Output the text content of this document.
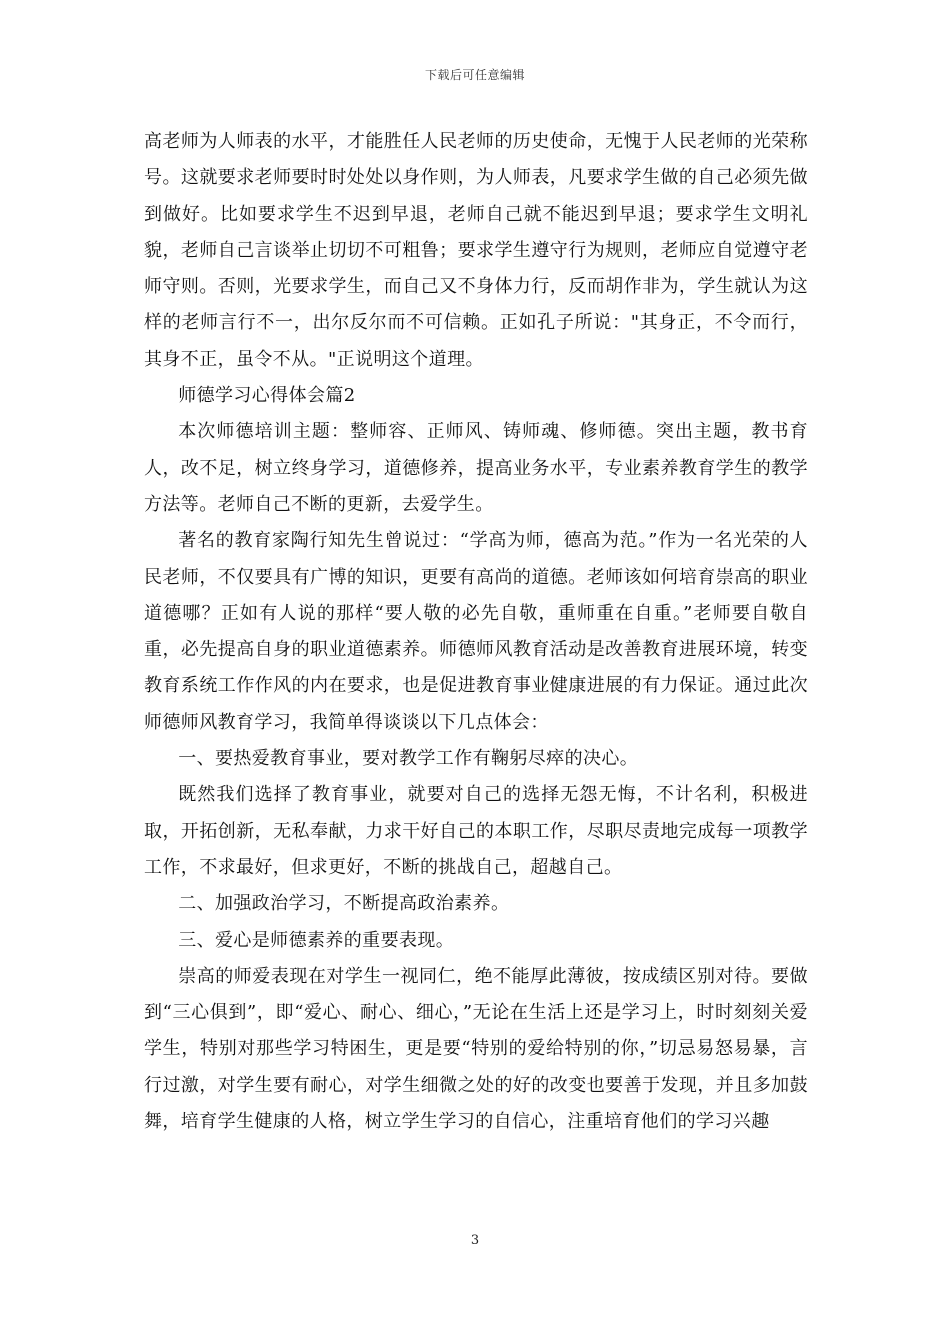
下载后可任意编辑

高老师为人师表的水平，才能胜任人民老师的历史使命，无愧于人民老师的光荣称号。这就要求老师要时时处处以身作则，为人师表，凡要求学生做的自己必须先做到做好。比如要求学生不迟到早退，老师自己就不能迟到早退；要求学生文明礼貌，老师自己言谈举止切切不可粗鲁；要求学生遵守行为规则，老师应自觉遵守老师守则。否则，光要求学生，而自己又不身体力行，反而胡作非为，学生就认为这样的老师言行不一，出尔反尔而不可信赖。正如孔子所说："其身正，不令而行，其身不正，虽令不从。"正说明这个道理。

师德学习心得体会篇2

本次师德培训主题：整师容、正师风、铸师魂、修师德。突出主题，教书育人，改不足，树立终身学习，道德修养，提高业务水平，专业素养教育学生的教学方法等。老师自己不断的更新，去爱学生。

著名的教育家陶行知先生曾说过：“学高为师，德高为范。”作为一名光荣的人民老师，不仅要具有广博的知识，更要有高尚的道德。老师该如何培育崇高的职业道德哪？正如有人说的那样“要人敬的必先自敬，重师重在自重。”老师要自敬自重，必先提高自身的职业道德素养。师德师风教育活动是改善教育进展环境，转变教育系统工作作风的内在要求，也是促进教育事业健康进展的有力保证。通过此次师德师风教育学习，我简单得谈谈以下几点体会：

一、要热爱教育事业，要对教学工作有鞠躬尽瘁的决心。

既然我们选择了教育事业，就要对自己的选择无怨无悔，不计名利，积极进取，开拓创新，无私奉献，力求干好自己的本职工作，尽职尽责地完成每一项教学工作，不求最好，但求更好，不断的挑战自己，超越自己。

二、加强政治学习，不断提高政治素养。

三、爱心是师德素养的重要表现。

崇高的师爱表现在对学生一视同仁，绝不能厚此薄彼，按成绩区别对待。要做到“三心俱到”，即“爱心、耐心、细心，”无论在生活上还是学习上，时时刻刻关爱学生，特别对那些学习特困生，更是要“特别的爱给特别的你，”切忌易怒易暴，言行过激，对学生要有耐心，对学生细微之处的好的改变也要善于发现，并且多加鼓舞，培育学生健康的人格，树立学生学习的自信心，注重培育他们的学习兴趣

3
